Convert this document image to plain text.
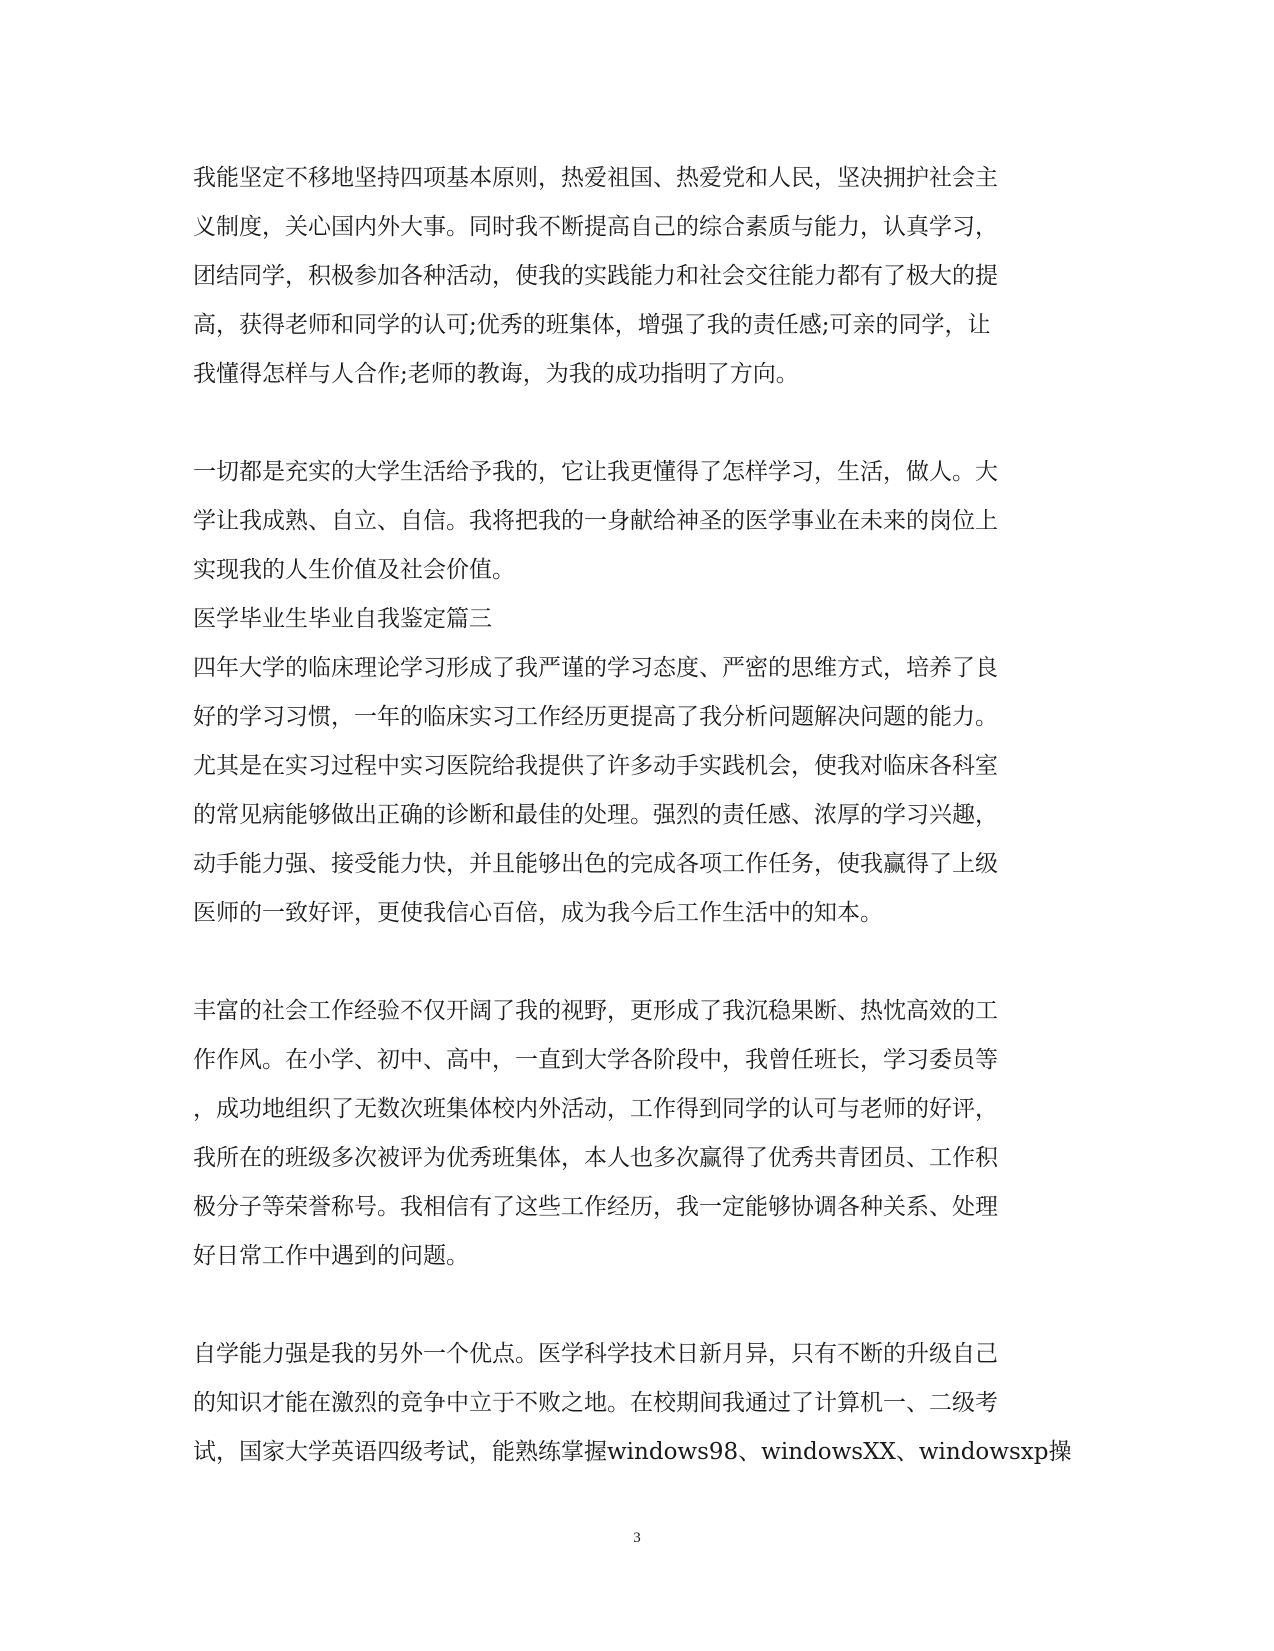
我能坚定不移地坚持四项基本原则，热爱祖国、热爱党和人民，坚决拥护社会主
义制度，关心国内外大事。同时我不断提高自己的综合素质与能力，认真学习，
团结同学，积极参加各种活动，使我的实践能力和社会交往能力都有了极大的提
高，获得老师和同学的认可;优秀的班集体，增强了我的责任感;可亲的同学，让
我懂得怎样与人合作;老师的教诲，为我的成功指明了方向。
一切都是充实的大学生活给予我的，它让我更懂得了怎样学习，生活，做人。大
学让我成熟、自立、自信。我将把我的一身献给神圣的医学事业在未来的岗位上
实现我的人生价值及社会价值。
医学毕业生毕业自我鉴定篇三
四年大学的临床理论学习形成了我严谨的学习态度、严密的思维方式，培养了良
好的学习习惯，一年的临床实习工作经历更提高了我分析问题解决问题的能力。
尤其是在实习过程中实习医院给我提供了许多动手实践机会，使我对临床各科室
的常见病能够做出正确的诊断和最佳的处理。强烈的责任感、浓厚的学习兴趣，
动手能力强、接受能力快，并且能够出色的完成各项工作任务，使我赢得了上级
医师的一致好评，更使我信心百倍，成为我今后工作生活中的知本。
丰富的社会工作经验不仅开阔了我的视野，更形成了我沉稳果断、热忱高效的工
作作风。在小学、初中、高中，一直到大学各阶段中，我曾任班长，学习委员等
，成功地组织了无数次班集体校内外活动，工作得到同学的认可与老师的好评，
我所在的班级多次被评为优秀班集体，本人也多次赢得了优秀共青团员、工作积
极分子等荣誉称号。我相信有了这些工作经历，我一定能够协调各种关系、处理
好日常工作中遇到的问题。
自学能力强是我的另外一个优点。医学科学技术日新月异，只有不断的升级自己
的知识才能在激烈的竞争中立于不败之地。在校期间我通过了计算机一、二级考
试，国家大学英语四级考试，能熟练掌握windows98、windowsXX、windowsxp操
3
